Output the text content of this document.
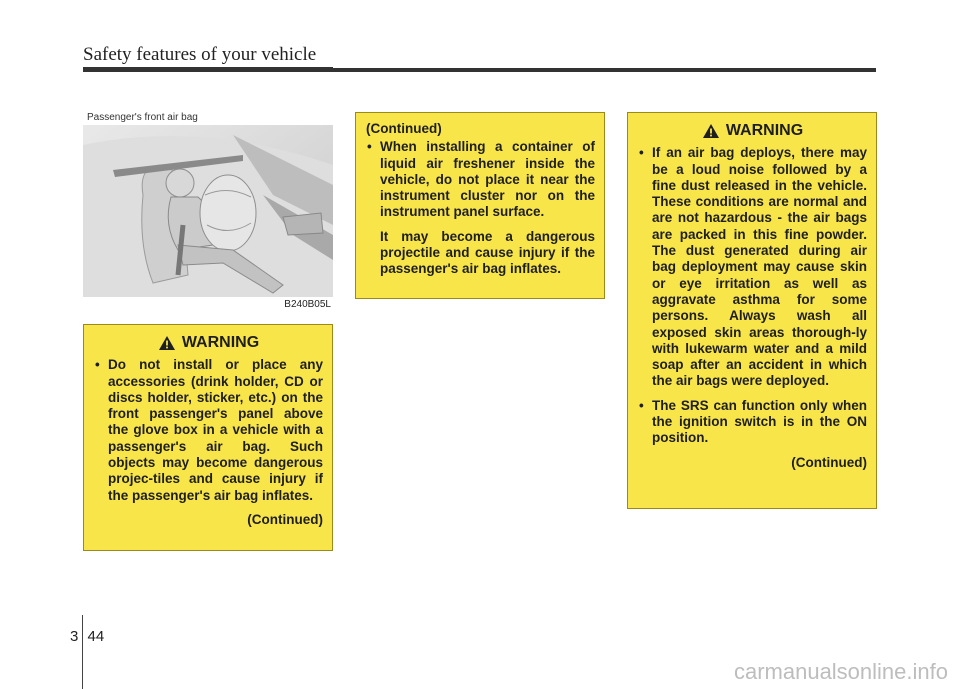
Safety features of your vehicle
Passenger's front air bag
B240B05L
WARNING
• Do not install or place any accessories (drink holder, CD or discs holder, sticker, etc.) on the front passenger's panel above the glove box in a vehicle with a passenger's air bag. Such objects may become dangerous projec-tiles and cause injury if the passenger's air bag inflates.
(Continued)
(Continued)
• When installing a container of liquid air freshener inside the vehicle, do not place it near the instrument cluster nor on the instrument panel surface.

It may become a dangerous projectile and cause injury if the passenger's air bag inflates.

WARNING
• If an air bag deploys, there may be a loud noise followed by a fine dust released in the vehicle. These conditions are normal and are not hazardous - the air bags are packed in this fine powder. The dust generated during air bag deployment may cause skin or eye irritation as well as aggravate asthma for some persons. Always wash all exposed skin areas thorough-ly with lukewarm water and a mild soap after an accident in which the air bags were deployed.
• The SRS can function only when the ignition switch is in the ON position.
(Continued)
3 44
carmanualsonline.info
